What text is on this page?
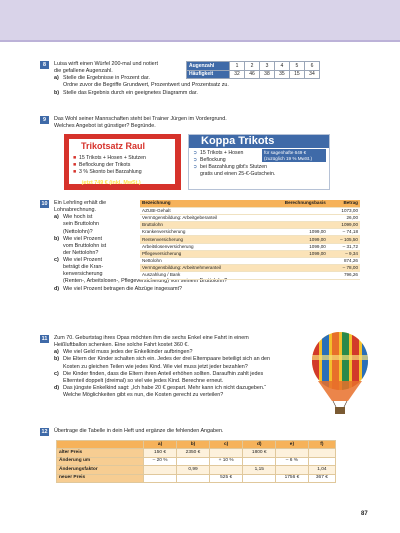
8	Luisa wirft einen Würfel 200-mal und notiert
die gefallene Augenzahl.
a) Stelle die Ergebnisse in Prozent dar.
Ordne zuvor die Begriffe Grundwert, Prozentwert und Prozentsatz zu.
b) Stelle das Ergebnis durch ein geeignetes Diagramm dar.
Augenzahl	1	2	3	4	5	6
Häufigkeit	32	46	38	35	15	34
9	Das Wohl seiner Mannschaften steht bei Trainer Jürgen im Vordergrund.
Welches Angebot ist günstiger? Begründe.
Trikotsatz Raul
■ 15 Trikots + Hosen + Stutzen
■ Beflockung der Trikots
■ 3 % Skonto bei Barzahlung
jetzt 749 € (inkl. MwSt.)
Koppa Trikots
für sagenhafte 649 €
(zuzüglich 19 % MwSt.)
➲ 15 Trikots + Hosen
➲ Beflockung
➲ bei Barzahlung gibt's Stutzen
gratis und einen 25-€-Gutschein.
10 Ein Lehrling erhält die
Lohnabrechnung.
a) Wie hoch ist
sein Bruttolohn
(Nettolohn)?
b) Wie viel Prozent
vom Bruttolohn ist
der Nettolohn?
c) Wie viel Prozent
beträgt die Kran-
kenversicherung
(Renten-, Arbeitslosen-, Pflegeversicherung) von seinem Bruttolohn?
d) Wie viel Prozent betragen die Abzüge insgesamt?
Bezeichnung	Berechnungsbasis	Betrag
AZUBI-Gehalt		1073,00
Vermögensbildung: Arbeitgeberanteil		26,00
Bruttolohn		1099,00
Krankenversicherung	1099,00	– 74,18
Rentenversicherung	1099,00	– 105,50
Arbeitslosenversicherung	1099,00	– 31,72
Pflegeversicherung	1099,00	– 9,34
Nettolohn		874,26
Vermögensbildung: Arbeitnehmeranteil		– 78,00
Auszahlung / Bank		796,26
11	Zum 70. Geburtstag ihres Opas möchten ihm die sechs Enkel eine Fahrt in einem
Heißluftballon schenken. Eine solche Fahrt kostet 360 €.
a) Wie viel Geld muss jedes der Enkelkinder aufbringen?
b) Die Eltern der Kinder schalten sich ein. Jedes der drei Elternpaare beteiligt sich an den
Kosten zu gleichen Teilen wie jedes Kind. Wie viel muss jetzt jeder bezahlen?
c) Die Kinder finden, dass die Eltern ihren Anteil erhöhen sollten. Daraufhin zahlt jedes
Elternteil doppelt (dreimal) so viel wie jedes Kind. Berechne erneut.
d) Das jüngste Enkelkind sagt: „Ich habe 20 € gespart. Mehr kann ich nicht dazugeben.“
Welche Möglichkeiten gibt es nun, die Kosten gerecht zu verteilen?
12 Übertrage die Tabelle in dein Heft und ergänze die fehlenden Angaben.
	a)	b)	c)	d)	e)	f)
alter Preis	150 €	2350 €		1800 €		
Änderung um	– 20 %		+ 10 %		– 6 %	
Änderungsfaktor		0,99		1,15		1,04
neuer Preis			525 €		1756 €	367 €
87
